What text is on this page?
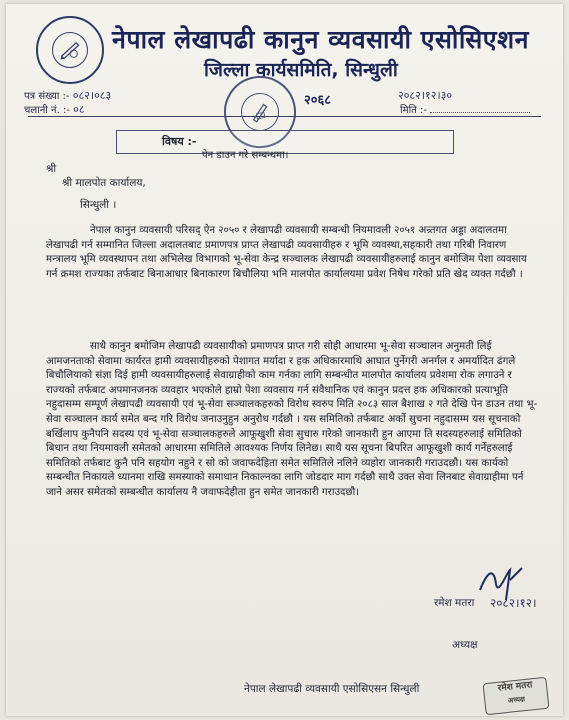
नेपाल लेखापढी कानुन व्यवसायी एसोसिएशन
जिल्ला कार्यसमिति, सिन्धुली
पत्र संख्या :- ०८२।०८३
चलानी नं. :- ०८
२०६८	२०८२।१२।३०
मिति :-
विषय :-
पेन डाउन गरे सम्बन्धमा।
श्री
श्री मालपोत कार्यालय,
सिन्धुली ।
नेपाल कानुन व्यवसायी परिसद् ऐन २०५० र लेखापढी व्यवसायी सम्बन्धी नियमावली २०५१ अन्र्तगत अड्डा अदालतमा लेखापढी गर्न सम्मानित जिल्ला अदालतबाट प्रमाणपत्र प्राप्त लेखापढी व्यवसायीहरु र भूमि व्यवस्था,सहकारी तथा गरिबी निवारण मन्त्रालय भूमि व्यवस्थापन तथा अभिलेख विभागको भू-सेवा केन्द्र सञ्चालक लेखापढी व्यवसायीहरुलाई कानुन बमोजिम पेशा व्यवसाय गर्न क्रमश राज्यका तर्फबाट बिनाआधार बिनाकारण बिचौलिया भनि मालपोत कार्यालयमा प्रवेश निषेध गरेको प्रति खेद व्यक्त गर्दछौ ।
साथै कानुन बमोजिम लेखापढी व्यवसायीको प्रमाणपत्र प्राप्त गरी सोही आधारमा भू-सेवा सञ्चालन अनुमती लिई आमजनताको सेवामा कार्यरत हामी व्यवसायीहरुको पेशागत मर्यादा र हक अधिकारमाथि आघात पुर्नेगरी अनर्गल र अमर्यादित ढंगले बिचौलियाको संज्ञा दिई हामी व्यवसायीहरुलाई सेवाग्राहीको काम गर्नका लागि सम्बन्धीत मालपोत कार्यालय प्रवेशमा रोक लगाउने र राज्यको तर्फबाट अपमानजनक व्यवहार भएकोले हाम्रो पेशा व्यवसाय गर्न संवैधानिक एवं कानुन प्रदत्त हक अधिकारको प्रत्याभूति नहुदासम्म सम्पूर्ण लेखापढी व्यवसायी एवं भू-सेवा सञ्चालकहरुको विरोध स्वरुप मिति २०८३ साल बैशाख २ गते देखि पेन डाउन तथा भू-सेवा सञ्चालन कार्य समेत बन्द गरि विरोध जनाउनुहुन अनुरोध गर्दछौ । यस समितिको तर्फबाट अर्को सुचना नहुदासम्म यस सूचनाको बर्खिलाप कुनैपनि सदस्य एवं भू-सेवा सञ्चालकहरुले आफूखुशी सेवा सुचारु गरेको जानकारी हुन आएमा ति सदस्यहरुलाई समितिको बिधान तथा नियमावली समेतको आधारमा समितिले आवश्यक निर्णय लिनेछ। साथै यस सूचना बिपरित आफूखुशी कार्य गर्नेहरुलाई समितिको तर्फबाट कुनै पनि सहयोग नहुने र सो को जवाफदेहिता समेत समितिले नलिने व्यहोरा जानकारी गराउदछौ। यस कार्यको सम्बन्धीत निकायले ध्यानमा राखि समस्याको समाधान निकाल्नका लागि जोडदार माग गर्दछौ साथै उक्त सेवा लिनबाट सेवाग्राहीमा पर्न जाने असर समेतको सम्बन्धीत कार्यालय नै जवाफदेहीता हुन समेत जानकारी गराउदछौ।
रमेश मतरा २०८२।१२।
अध्यक्ष
नेपाल लेखापढी व्यवसायी एसोसिएसन सिन्धुली	रमेश मतरा
अध्यक्ष
